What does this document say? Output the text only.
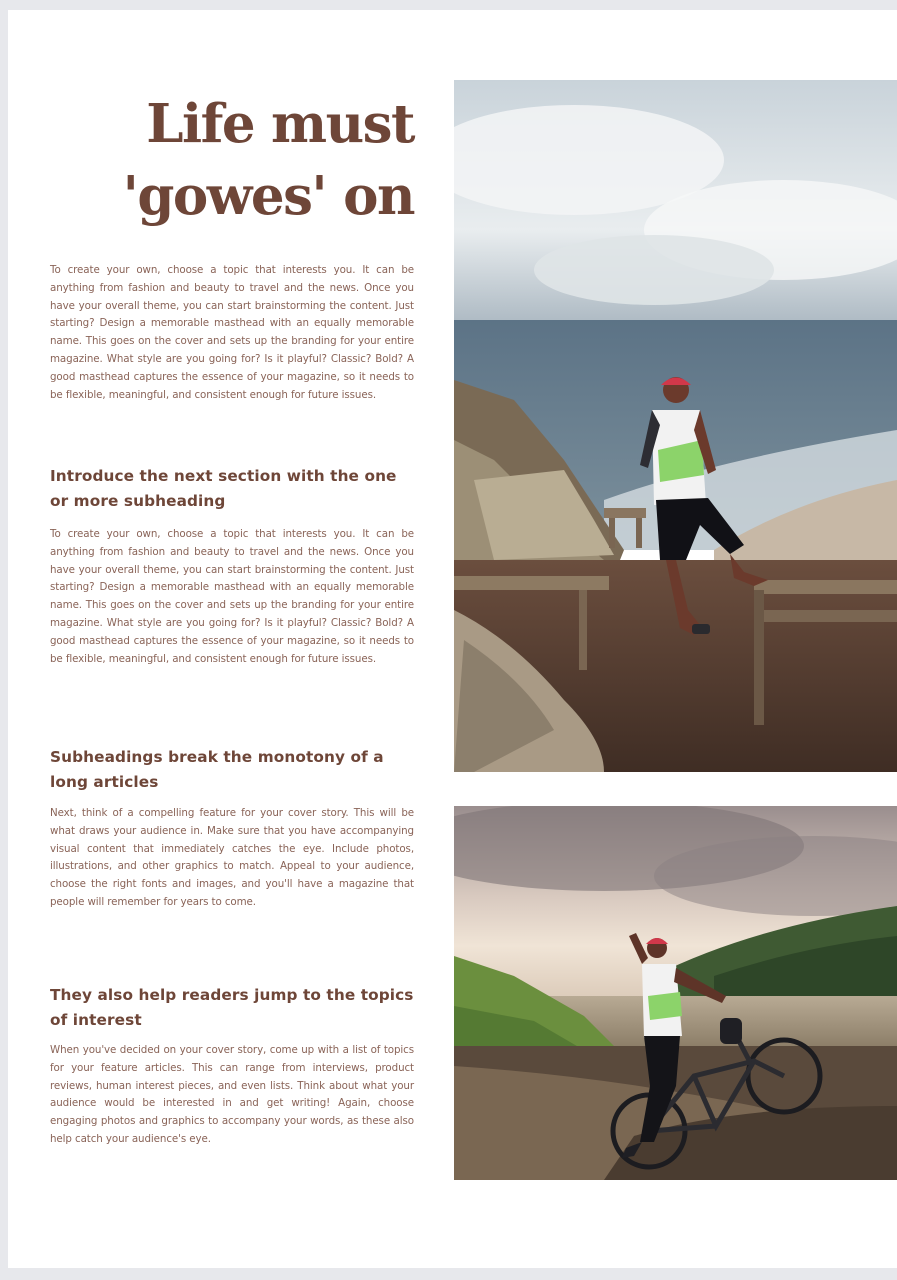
Life must
'gowes' on

To create your own, choose a topic that interests you. It can be anything from fashion and beauty to travel and the news. Once you have your overall theme, you can start brainstorming the content. Just starting? Design a memorable masthead with an equally memorable name. This goes on the cover and sets up the branding for your entire magazine. What style are you going for? Is it playful? Classic? Bold? A good masthead captures the essence of your magazine, so it needs to be flexible, meaningful, and consistent enough for future issues.

Introduce the next section with the one or more subheading

To create your own, choose a topic that interests you. It can be anything from fashion and beauty to travel and the news. Once you have your overall theme, you can start brainstorming the content. Just starting? Design a memorable masthead with an equally memorable name. This goes on the cover and sets up the branding for your entire magazine. What style are you going for? Is it playful? Classic? Bold? A good masthead captures the essence of your magazine, so it needs to be flexible, meaningful, and consistent enough for future issues.

Subheadings break the monotony of a long articles

Next, think of a compelling feature for your cover story. This will be what draws your audience in. Make sure that you have accompanying visual content that immediately catches the eye. Include photos, illustrations, and other graphics to match. Appeal to your audience, choose the right fonts and images, and you'll have a magazine that people will remember for years to come.

They also help readers jump to the topics of interest

When you've decided on your cover story, come up with a list of topics for your feature articles. This can range from interviews, product reviews, human interest pieces, and even lists. Think about what your audience would be interested in and get writing! Again, choose engaging photos and graphics to accompany your words, as these also help catch your audience's eye.
